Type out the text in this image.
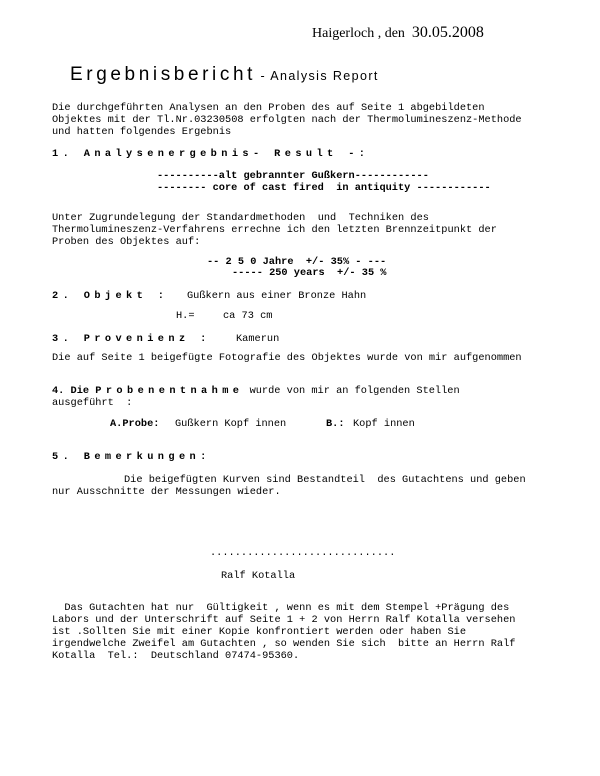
Haigerloch , den 30.05.2008
Ergebnisbericht - Analysis Report
Die durchgeführten Analysen an den Proben des auf Seite 1 abgebildeten
Objektes mit der Tl.Nr.03230508 erfolgten nach der Thermolumineszenz-Methode
und hatten folgendes Ergebnis
1. Analysenergebnis- Result -:
----------alt gebrannter Gußkern------------
-------- core of cast fired  in antiquity ------------
Unter Zugrundelegung der Standardmethoden  und  Techniken des
Thermolumineszenz-Verfahrens errechne ich den letzten Brennzeitpunkt der
Proben des Objektes auf:
-- 2 5 0 Jahre  +/- 35% - ---
----- 250 years  +/- 35 %
2. Objekt : Gußkern aus einer Bronze Hahn
H.=	ca 73 cm
3. Provenienz : Kamerun
Die auf Seite 1 beigefügte Fotografie des Objektes wurde von mir aufgenommen
4. Die Probenentnahme wurde von mir an folgenden Stellen
ausgeführt  :
A.Probe: Gußkern Kopf innen	B.: Kopf innen
5. Bemerkungen:
Die beigefügten Kurven sind Bestandteil  des Gutachtens und geben
nur Ausschnitte der Messungen wieder.
..............................
Ralf Kotalla
Das Gutachten hat nur  Gültigkeit , wenn es mit dem Stempel +Prägung des
Labors und der Unterschrift auf Seite 1 + 2 von Herrn Ralf Kotalla versehen
ist .Sollten Sie mit einer Kopie konfrontiert werden oder haben Sie
irgendwelche Zweifel am Gutachten , so wenden Sie sich  bitte an Herrn Ralf
Kotalla  Tel.:  Deutschland 07474-95360.
